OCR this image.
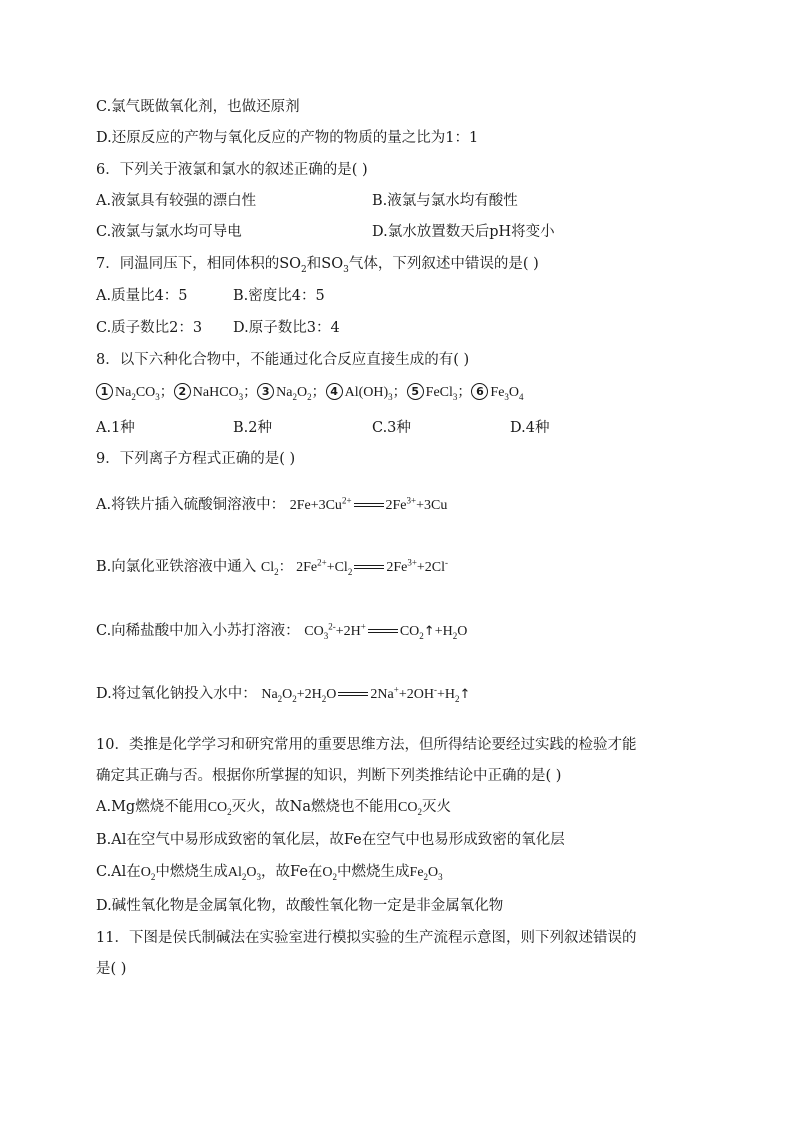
C.氯气既做氧化剂，也做还原剂
D.还原反应的产物与氧化反应的产物的物质的量之比为1：1
6．下列关于液氯和氯水的叙述正确的是( )
A.液氯具有较强的漂白性	B.液氯与氯水均有酸性
C.液氯与氯水均可导电	D.氯水放置数天后pH将变小
7．同温同压下，相同体积的$SO_2$和$SO_3$气体，下列叙述中错误的是( )
A.质量比4：5	B.密度比4：5
C.质子数比2：3 D.原子数比3：4
8．以下六种化合物中，不能通过化合反应直接生成的有( )
1 $Na_2CO_3$； 2 NaHCO$_3$； 3 $Na_2O_2$； 4 $Al(OH)_3$； 5 FeCl$_3$； 6 $Fe_3O_4$
A.1种	B.2种	C.3种	D.4种
9．下列离子方程式正确的是( )
A.将铁片插入硫酸铜溶液中： $2Fe+3Cu^{2+}$ $2Fe^{3+}+3Cu$
B.向氯化亚铁溶液中通入 $Cl_2$： $2Fe^{2+}+Cl_2$ $2Fe^{3+}+2Cl^-$
C.向稀盐酸中加入小苏打溶液： $CO_3^{2-}+2H^+$ $CO_2↑+H_2O$
D.将过氧化钠投入水中： $Na_2O_2+2H_2O$ $2Na^++2OH^-+H_2↑$
10．类推是化学学习和研究常用的重要思维方法，但所得结论要经过实践的检验才能
确定其正确与否。根据你所掌握的知识，判断下列类推结论中正确的是( )
A.Mg燃烧不能用$CO_2$灭火，故Na燃烧也不能用$CO_2$灭火
B.Al在空气中易形成致密的氧化层，故Fe在空气中也易形成致密的氧化层
C.Al在$O_2$中燃烧生成$Al_2O_3$，故Fe在$O_2$中燃烧生成$Fe_2O_3$
D.碱性氧化物是金属氧化物，故酸性氧化物一定是非金属氧化物
11．下图是侯氏制碱法在实验室进行模拟实验的生产流程示意图，则下列叙述错误的
是( )
